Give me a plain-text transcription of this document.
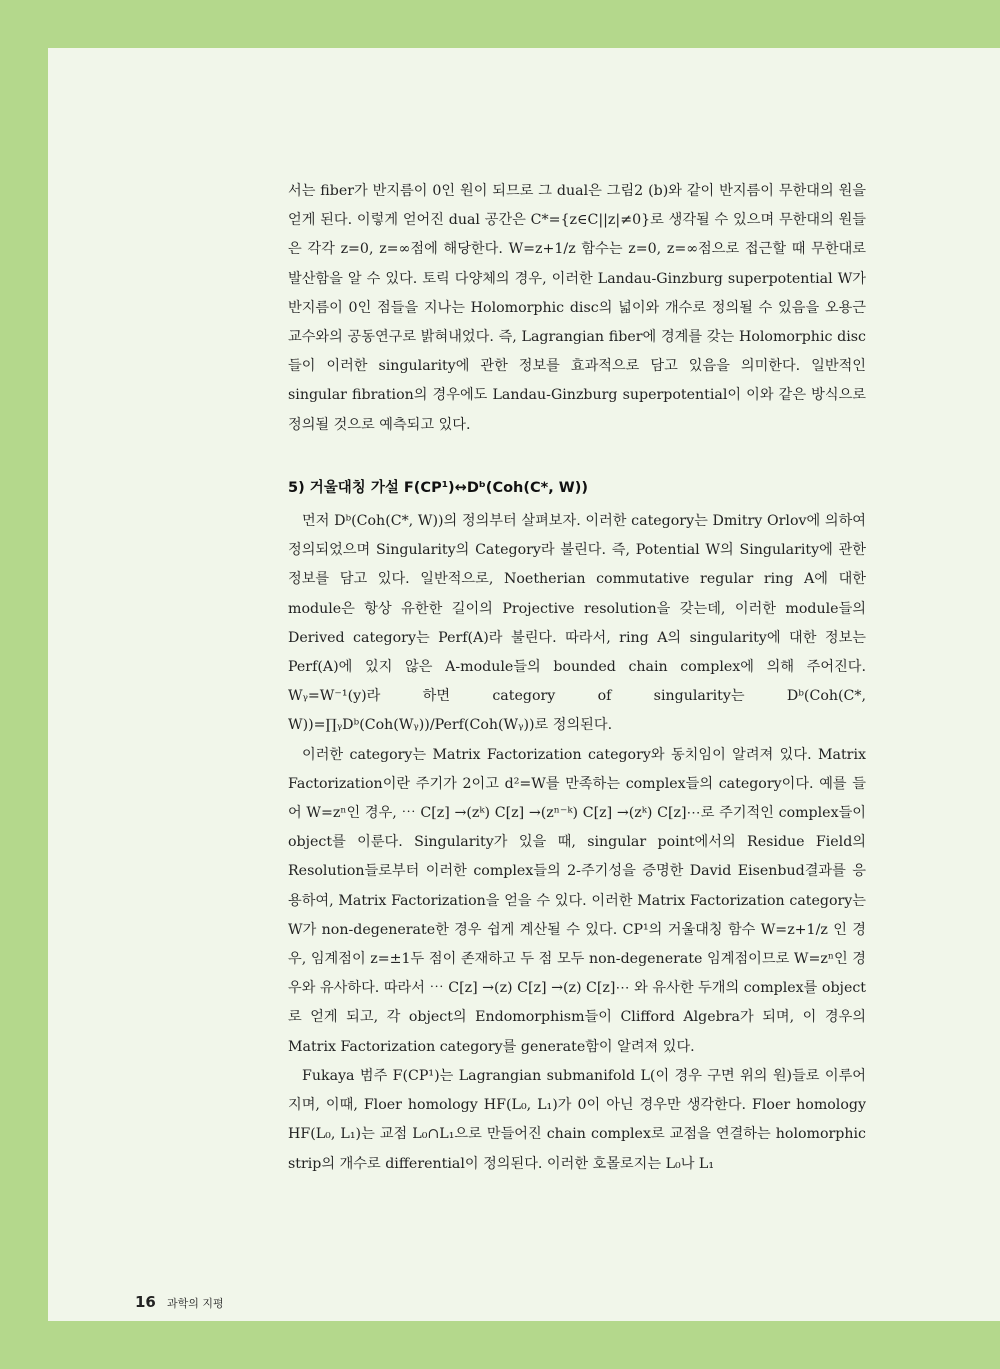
서는 fiber가 반지름이 0인 원이 되므로 그 dual은 그림2 (b)와 같이 반지름이 무한대의 원을 얻게 된다. 이렇게 얻어진 dual 공간은 C*={z∈C||z|≠0}로 생각될 수 있으며 무한대의 원들은 각각 z=0, z=∞점에 해당한다. W=z+1/z 함수는 z=0, z=∞점으로 접근할 때 무한대로 발산함을 알 수 있다. 토릭 다양체의 경우, 이러한 Landau-Ginzburg superpotential W가 반지름이 0인 점들을 지나는 Holomorphic disc의 넓이와 개수로 정의될 수 있음을 오용근 교수와의 공동연구로 밝혀내었다. 즉, Lagrangian fiber에 경계를 갖는 Holomorphic disc들이 이러한 singularity에 관한 정보를 효과적으로 담고 있음을 의미한다. 일반적인 singular fibration의 경우에도 Landau-Ginzburg superpotential이 이와 같은 방식으로 정의될 것으로 예측되고 있다.

5) 거울대칭 가설 F(CP¹)↔Dᵇ(Coh(C*, W))

먼저 Dᵇ(Coh(C*, W))의 정의부터 살펴보자. 이러한 category는 Dmitry Orlov에 의하여 정의되었으며 Singularity의 Category라 불린다. 즉, Potential W의 Singularity에 관한 정보를 담고 있다. 일반적으로, Noetherian commutative regular ring A에 대한 module은 항상 유한한 길이의 Projective resolution을 갖는데, 이러한 module들의 Derived category는 Perf(A)라 불린다. 따라서, ring A의 singularity에 대한 정보는 Perf(A)에 있지 않은 A-module들의 bounded chain complex에 의해 주어진다. Wᵧ=W⁻¹(y)라 하면 category of singularity는 Dᵇ(Coh(C*, W))=∏ᵧDᵇ(Coh(Wᵧ))/Perf(Coh(Wᵧ))로 정의된다.

이러한 category는 Matrix Factorization category와 동치임이 알려져 있다. Matrix Factorization이란 주기가 2이고 d²=W를 만족하는 complex들의 category이다. 예를 들어 W=zⁿ인 경우, ⋯ C[z] →(zᵏ) C[z] →(zⁿ⁻ᵏ) C[z] →(zᵏ) C[z]⋯로 주기적인 complex들이 object를 이룬다. Singularity가 있을 때, singular point에서의 Residue Field의 Resolution들로부터 이러한 complex들의 2-주기성을 증명한 David Eisenbud결과를 응용하여, Matrix Factorization을 얻을 수 있다. 이러한 Matrix Factorization category는 W가 non-degenerate한 경우 쉽게 계산될 수 있다. CP¹의 거울대칭 함수 W=z+1/z 인 경우, 임계점이 z=±1두 점이 존재하고 두 점 모두 non-degenerate 임계점이므로 W=zⁿ인 경우와 유사하다. 따라서 ⋯ C[z] →(z) C[z] →(z) C[z]⋯ 와 유사한 두개의 complex를 object로 얻게 되고, 각 object의 Endomorphism들이 Clifford Algebra가 되며, 이 경우의 Matrix Factorization category를 generate함이 알려져 있다.

Fukaya 범주 F(CP¹)는 Lagrangian submanifold L(이 경우 구면 위의 원)들로 이루어지며, 이때, Floer homology HF(L₀, L₁)가 0이 아닌 경우만 생각한다. Floer homology HF(L₀, L₁)는 교점 L₀∩L₁으로 만들어진 chain complex로 교점을 연결하는 holomorphic strip의 개수로 differential이 정의된다. 이러한 호몰로지는 L₀나 L₁

16 과학의 지평
